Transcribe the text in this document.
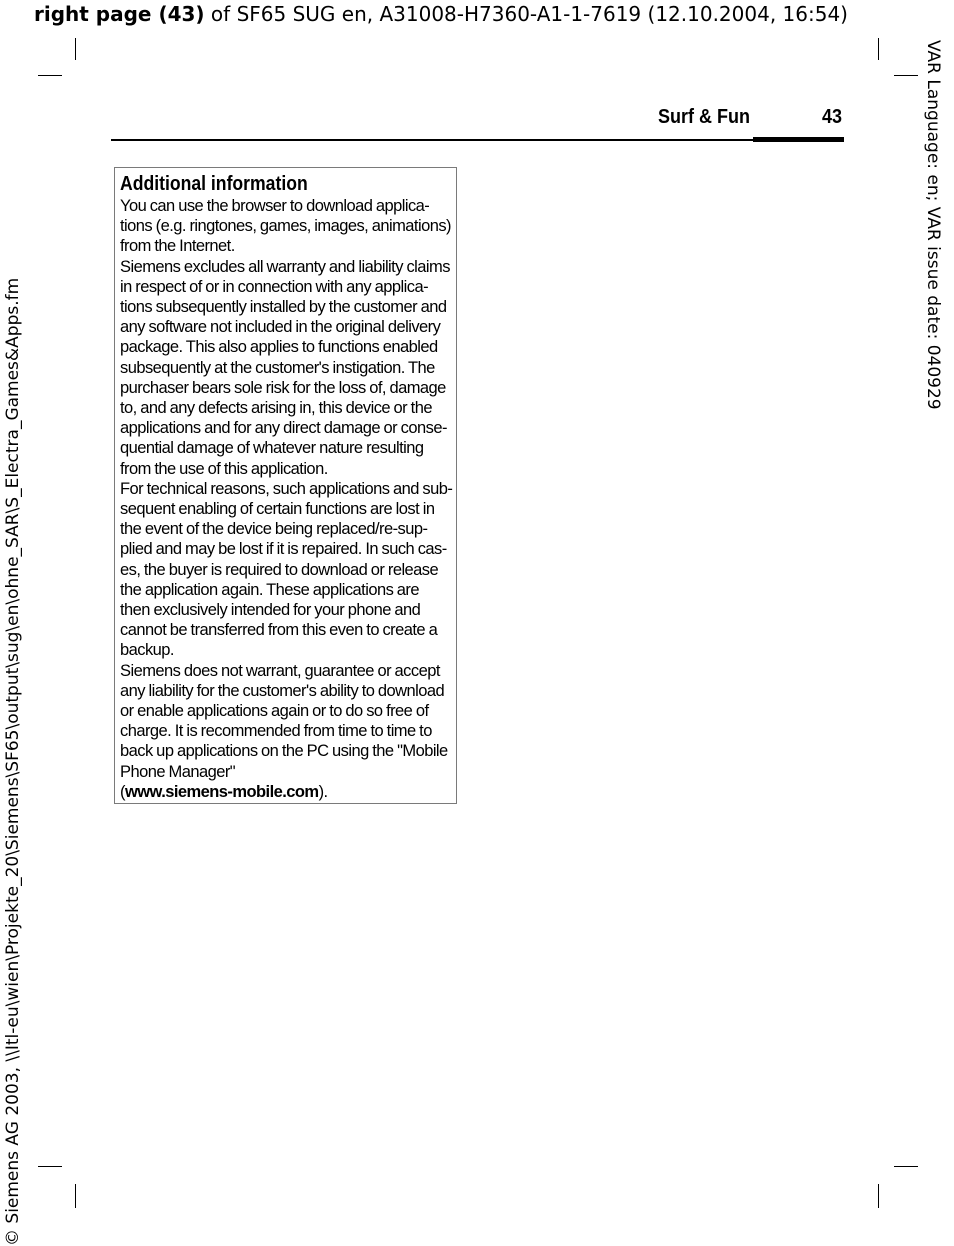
right page (43) of SF65 SUG en, A31008-H7360-A1-1-7619 (12.10.2004, 16:54)
© Siemens AG 2003, \\Itl-eu\wien\Projekte_20\Siemens\SF65\output\sug\en\ohne_SAR\S_Electra_Games&Apps.fm
VAR Language: en; VAR issue date: 040929
Surf & Fun	43
Additional information

You can use the browser to download applica-
tions (e.g. ringtones, games, images, animations)
from the Internet.

Siemens excludes all warranty and liability claims
in respect of or in connection with any applica-
tions subsequently installed by the customer and
any software not included in the original delivery
package. This also applies to functions enabled
subsequently at the customer's instigation. The
purchaser bears sole risk for the loss of, damage
to, and any defects arising in, this device or the
applications and for any direct damage or conse-
quential damage of whatever nature resulting
from the use of this application.

For technical reasons, such applications and sub-
sequent enabling of certain functions are lost in
the event of the device being replaced/re-sup-
plied and may be lost if it is repaired. In such cas-
es, the buyer is required to download or release
the application again. These applications are
then exclusively intended for your phone and
cannot be transferred from this even to create a
backup.

Siemens does not warrant, guarantee or accept
any liability for the customer's ability to download
or enable applications again or to do so free of
charge. It is recommended from time to time to
back up applications on the PC using the "Mobile
Phone Manager"

(www.siemens-mobile.com).
